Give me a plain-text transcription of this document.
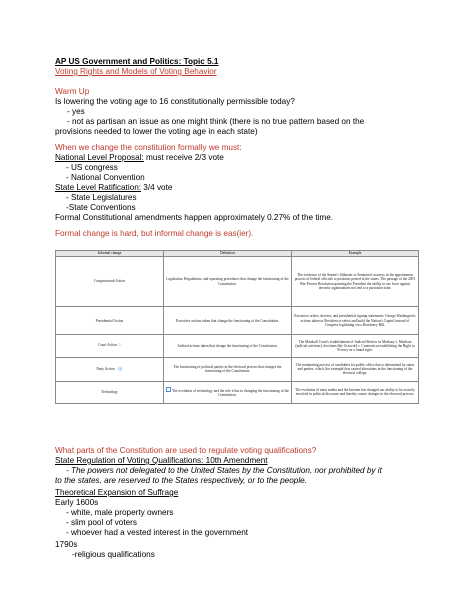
AP US Government and Politics: Topic 5.1
Voting Rights and Models of Voting Behavior
Warm Up
Is lowering the voting age to 16 constitutionally permissible today?
- yes
- not as partisan an issue as one might think (there is no true pattern based on the
provisions needed to lower the voting age in each state)
When we change the constitution formally we must:
National Level Proposal: must receive 2/3 vote
- US congress
- National Convention
State Level Ratification: 3/4 vote
- State Legislatures
-State Conventions
Formal Constitutional amendments happen approximately 0.27% of the time.
Formal change is hard, but informal change is eas(ier).
Informal change	Definition	Example
Congressional Action	Legislation, Regulations, and operating procedures that change the functioning of the Constitution.	The existence of the Senate's filibuster or Senatorial courtesy in the appointment process of federal officials to positions posted in the states. The passage of the 2001 War Powers Resolution granting the President the ability to use force against terrorist organizations not tied to a particular state.
Presidential Action	Executive actions taken that change the functioning of the Constitution.	Executive orders, decrees, and presidential signing statements. George Washington's actions taken as President to select and build the Nation's Capitol instead of Congress legislating via a Residency Bill.
Court Action ○	Judicial actions taken that change the functioning of the Constitution.	The Marshall Court's establishment of Judicial Review in Marbury v. Madison (judicial activism); doctrines like Griswold v. Connecticut establishing the Right to Privacy as a found right.
Party Action ◎	The functioning of political parties in the electoral process that changes the functioning of the Constitution.	The nominating process of candidates for public office that is determined by states and parties, which (for example) has caused alterations in the functioning of the electoral college.
Technology	The evolution of technology and the role it has in changing the functioning of the Constitution.	The evolution of mass media and the Internet has changed our ability to be actively involved in political discourse and thereby causes changes in the electoral process.
What parts of the Constitution are used to regulate voting qualifications?
State Regulation of Voting Qualifications: 10th Amendment
- The powers not delegated to the United States by the Constitution, nor prohibited by it
to the states, are reserved to the States respectively, or to the people.
Theoretical Expansion of Suffrage
Early 1600s
- white, male property owners
- slim pool of voters
- whoever had a vested interest in the government
1790s
-religious qualifications
